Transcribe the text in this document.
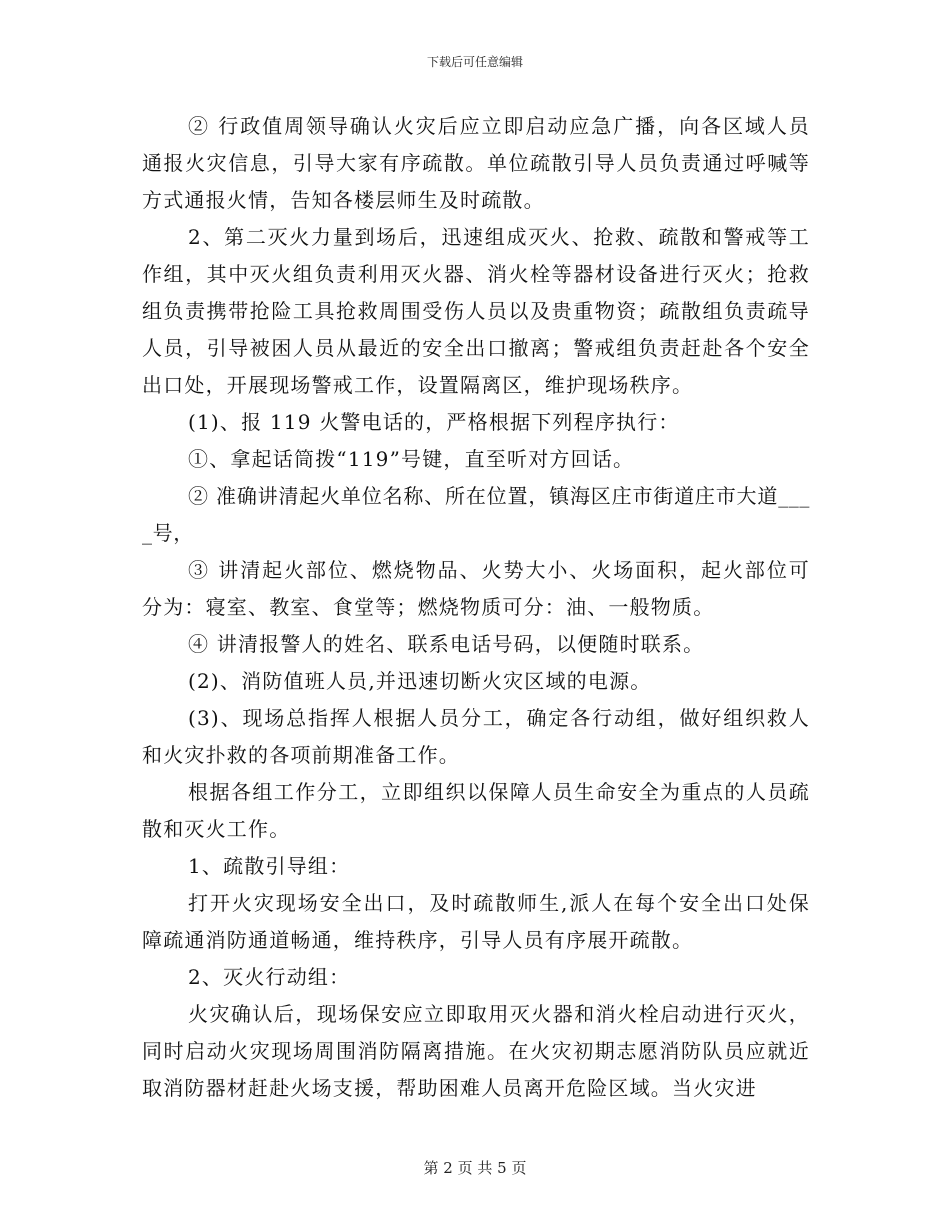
下载后可任意编辑

② 行政值周领导确认火灾后应立即启动应急广播，向各区域人员通报火灾信息，引导大家有序疏散。单位疏散引导人员负责通过呼喊等方式通报火情，告知各楼层师生及时疏散。

2、第二灭火力量到场后，迅速组成灭火、抢救、疏散和警戒等工作组，其中灭火组负责利用灭火器、消火栓等器材设备进行灭火；抢救组负责携带抢险工具抢救周围受伤人员以及贵重物资；疏散组负责疏导人员，引导被困人员从最近的安全出口撤离；警戒组负责赶赴各个安全出口处，开展现场警戒工作，设置隔离区，维护现场秩序。

(1)、报 119 火警电话的，严格根据下列程序执行：

①、拿起话筒拨“119”号键，直至听对方回话。

② 准确讲清起火单位名称、所在位置，镇海区庄市街道庄市大道____号，

③ 讲清起火部位、燃烧物品、火势大小、火场面积，起火部位可分为：寝室、教室、食堂等；燃烧物质可分：油、一般物质。

④ 讲清报警人的姓名、联系电话号码，以便随时联系。

(2)、消防值班人员,并迅速切断火灾区域的电源。

(3)、现场总指挥人根据人员分工，确定各行动组，做好组织救人和火灾扑救的各项前期准备工作。

根据各组工作分工，立即组织以保障人员生命安全为重点的人员疏散和灭火工作。

1、疏散引导组：

打开火灾现场安全出口，及时疏散师生,派人在每个安全出口处保障疏通消防通道畅通，维持秩序，引导人员有序展开疏散。

2、灭火行动组：

火灾确认后，现场保安应立即取用灭火器和消火栓启动进行灭火，同时启动火灾现场周围消防隔离措施。在火灾初期志愿消防队员应就近取消防器材赶赴火场支援，帮助困难人员离开危险区域。当火灾进

第 2 页 共 5 页
